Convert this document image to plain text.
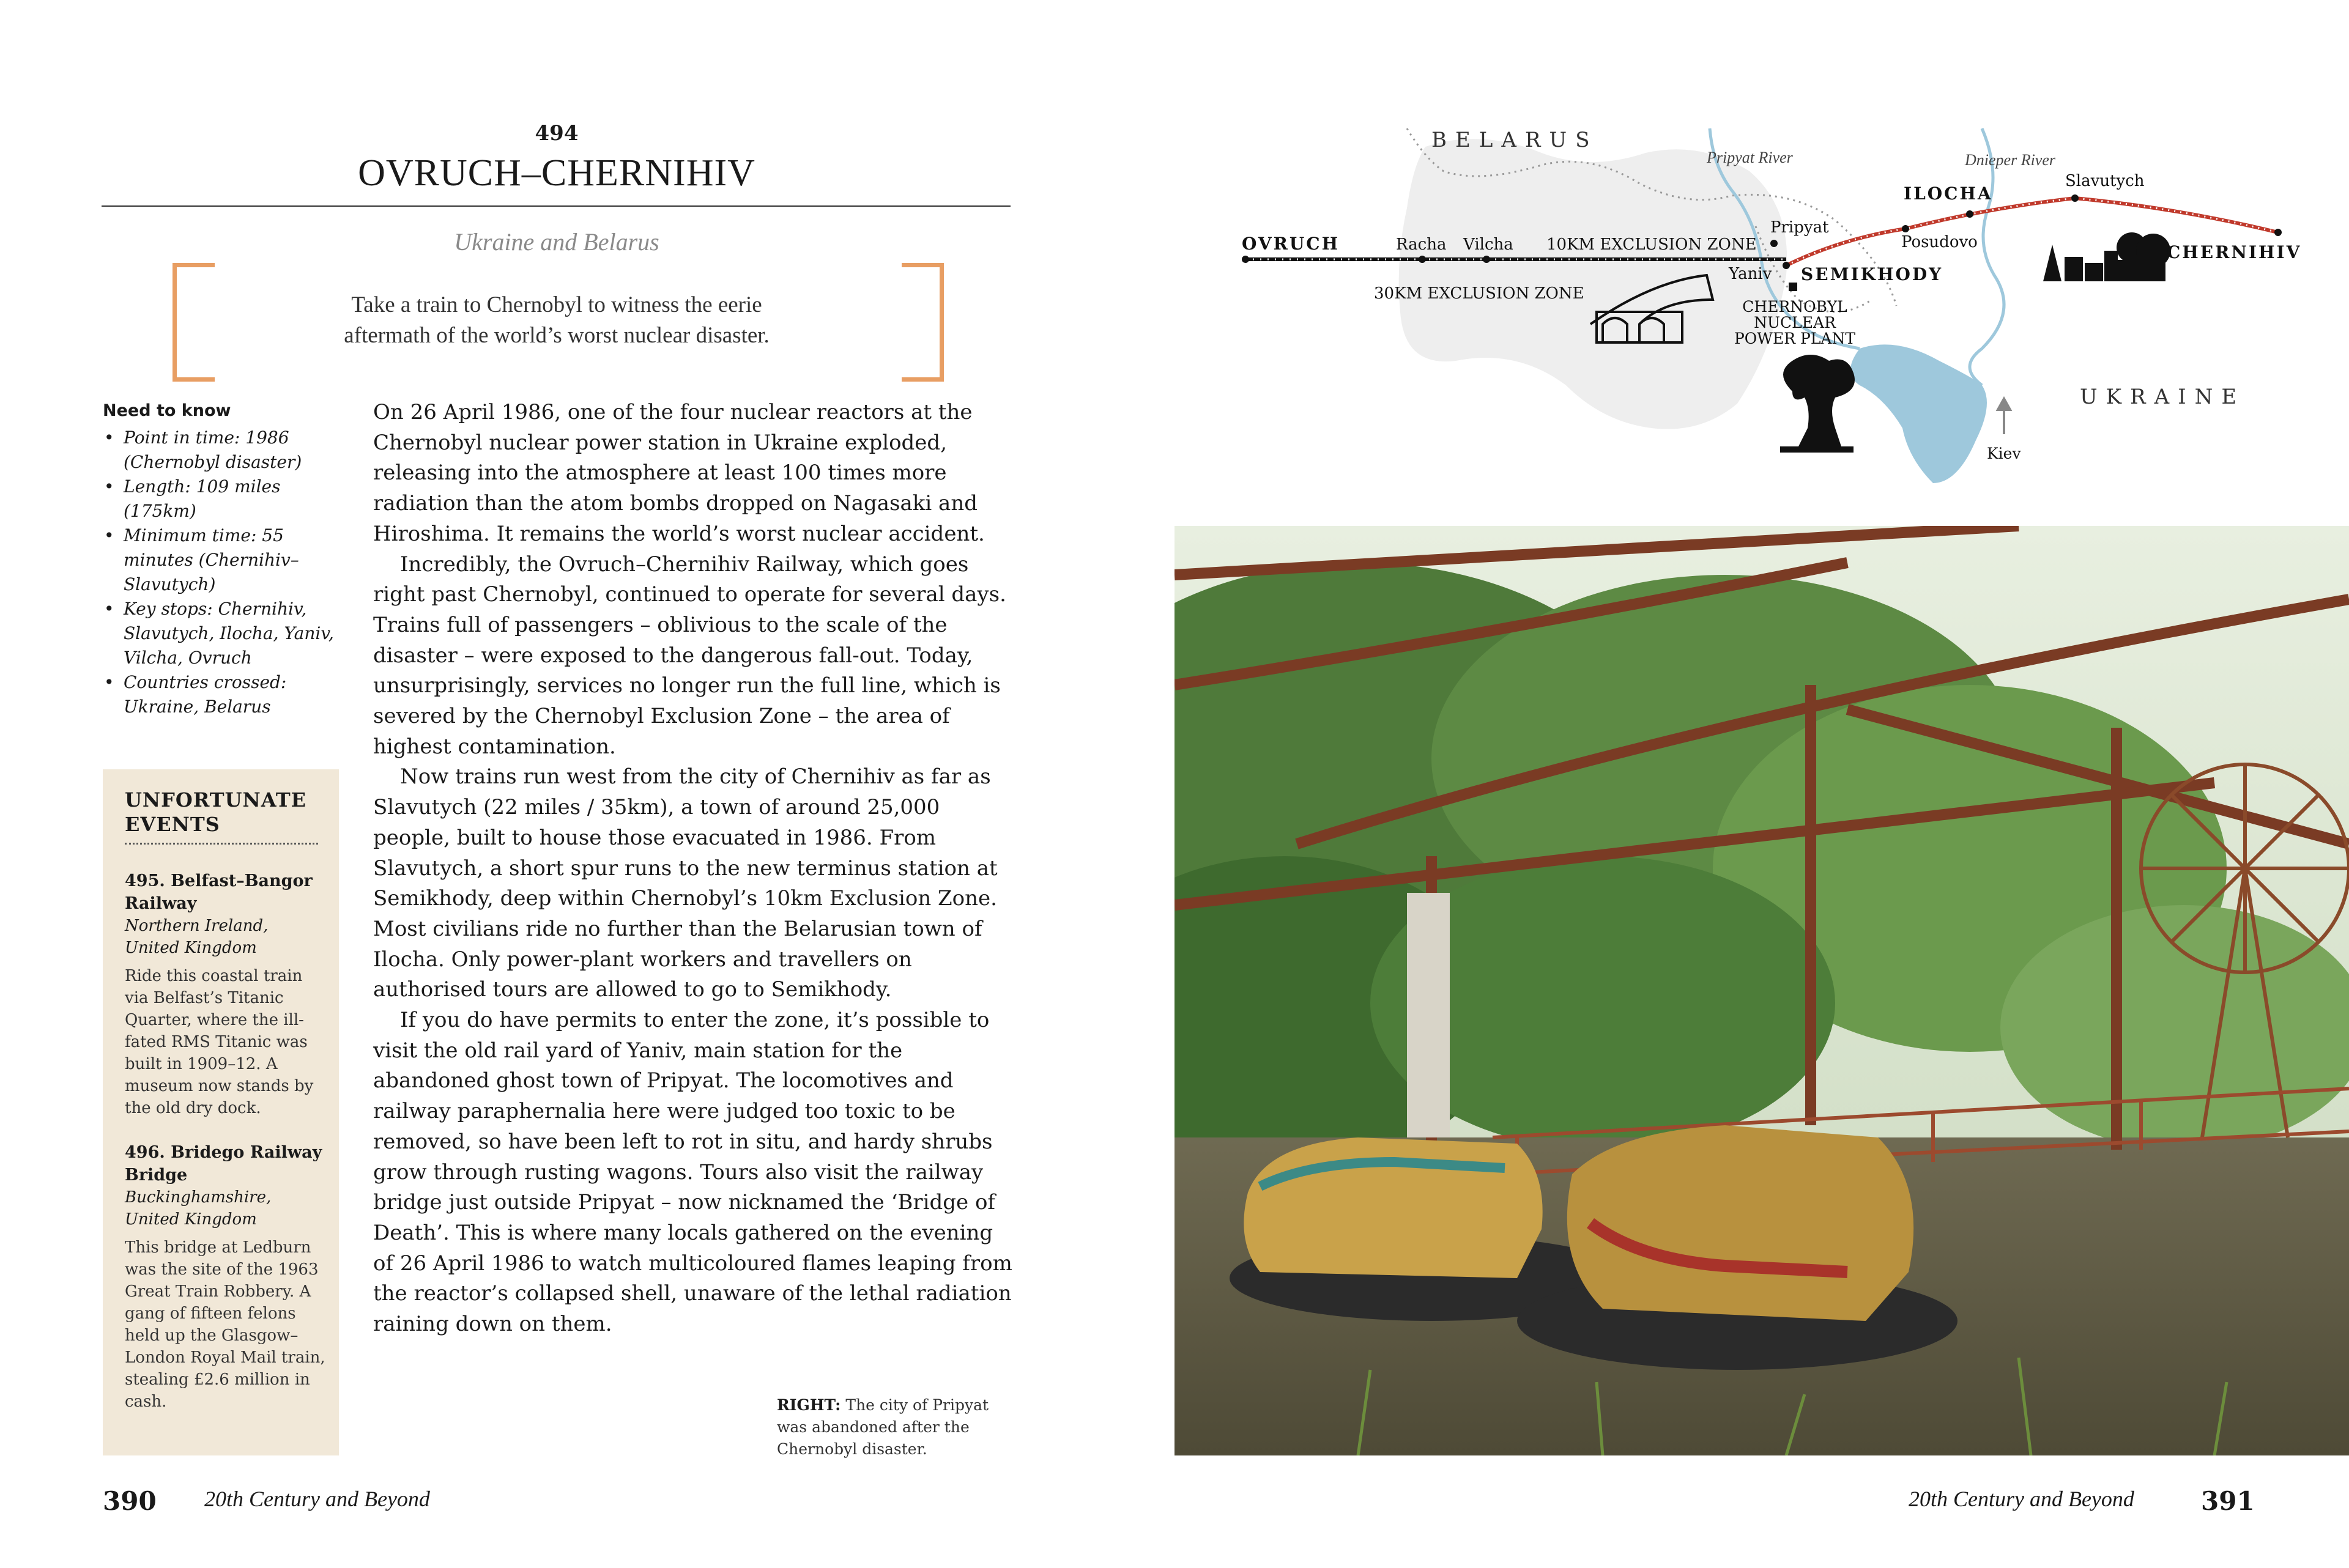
494
OVRUCH–CHERNIHIV
Ukraine and Belarus
Take a train to Chernobyl to witness the eerie
aftermath of the world’s worst nuclear disaster.
Need to know
• Point in time: 1986 (Chernobyl disaster)
• Length: 109 miles (175km)
• Minimum time: 55 minutes (Chernihiv–Slavutych)
• Key stops: Chernihiv, Slavutych, Ilocha, Yaniv, Vilcha, Ovruch
• Countries crossed: Ukraine, Belarus
UNFORTUNATE
EVENTS
495. Belfast–Bangor Railway
Northern Ireland, United Kingdom
Ride this coastal train via Belfast’s Titanic Quarter, where the ill-fated RMS Titanic was built in 1909–12. A museum now stands by the old dry dock.
496. Bridego Railway Bridge
Buckinghamshire, United Kingdom
This bridge at Ledburn was the site of the 1963 Great Train Robbery. A gang of fifteen felons held up the Glasgow–London Royal Mail train, stealing £2.6 million in cash.

On 26 April 1986, one of the four nuclear reactors at the Chernobyl nuclear power station in Ukraine exploded, releasing into the atmosphere at least 100 times more radiation than the atom bombs dropped on Nagasaki and Hiroshima. It remains the world’s worst nuclear accident.

Incredibly, the Ovruch–Chernihiv Railway, which goes right past Chernobyl, continued to operate for several days. Trains full of passengers – oblivious to the scale of the disaster – were exposed to the dangerous fall-out. Today, unsurprisingly, services no longer run the full line, which is severed by the Chernobyl Exclusion Zone – the area of highest contamination.

Now trains run west from the city of Chernihiv as far as Slavutych (22 miles / 35km), a town of around 25,000 people, built to house those evacuated in 1986. From Slavutych, a short spur runs to the new terminus station at Semikhody, deep within Chernobyl’s 10km Exclusion Zone. Most civilians ride no further than the Belarusian town of Ilocha. Only power-plant workers and travellers on authorised tours are allowed to go to Semikhody.

If you do have permits to enter the zone, it’s possible to visit the old rail yard of Yaniv, main station for the abandoned ghost town of Pripyat. The locomotives and railway paraphernalia here were judged too toxic to be removed, so have been left to rot in situ, and hardy shrubs grow through rusting wagons. Tours also visit the railway bridge just outside Pripyat – now nicknamed the ‘Bridge of Death’. This is where many locals gathered on the evening of 26 April 1986 to watch multicoloured flames leaping from the reactor’s collapsed shell, unaware of the lethal radiation raining down on them.

RIGHT: The city of Pripyat was abandoned after the Chernobyl disaster.
390 20th Century and Beyond	20th Century and Beyond	391
BELARUS
UKRAINE
Pripyat River	Dnieper River
OVRUCH	Racha Vilcha 10KM EXCLUSION ZONE
30KM EXCLUSION ZONE
Pripyat
Yaniv SEMIKHODY
CHERNOBYL
NUCLEAR
POWER PLANT
ILOCHA
Posudovo
Slavutych
CHERNIHIV
Kiev
